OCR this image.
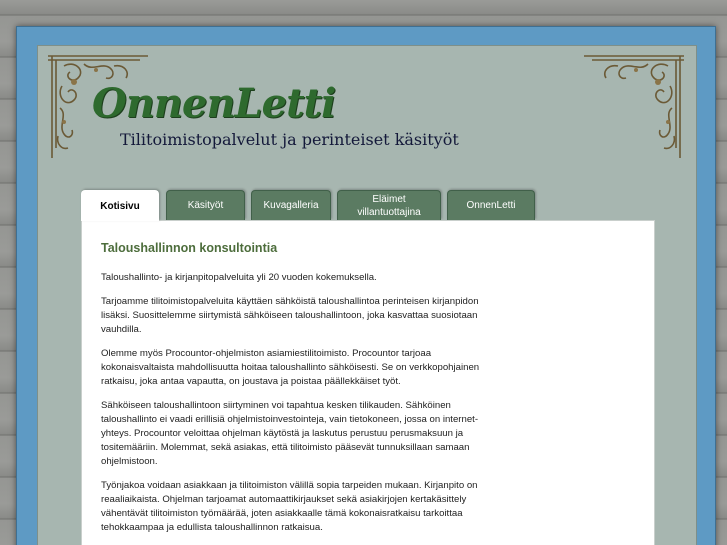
OnnenLetti
Tilitoimistopalvelut ja perinteiset käsityöt
Kotisivu	Käsityöt	Kuvagalleria
Eläimet villantuottajina
OnnenLetti
Taloushallinnon konsultointia

Taloushallinto- ja kirjanpitopalveluita yli 20 vuoden kokemuksella.

Tarjoamme tilitoimistopalveluita käyttäen sähköistä taloushallintoa perinteisen kirjanpidon lisäksi. Suosittelemme siirtymistä sähköiseen taloushallintoon, joka kasvattaa suosiotaan vauhdilla.

Olemme myös Procountor-ohjelmiston asiamiestilitoimisto. Procountor tarjoaa kokonaisvaltaista mahdollisuutta hoitaa taloushallinto sähköisesti. Se on verkkopohjainen ratkaisu, joka antaa vapautta, on joustava ja poistaa päällekkäiset työt.

Sähköiseen taloushallintoon siirtyminen voi tapahtua kesken tilikauden. Sähköinen taloushallinto ei vaadi erillisiä ohjelmistoinvestointeja, vain tietokoneen, jossa on internet-yhteys. Procountor veloittaa ohjelman käytöstä ja laskutus perustuu perusmaksuun ja tositemääriin. Molemmat, sekä asiakas, että tilitoimisto pääsevät tunnuksillaan samaan ohjelmistoon.

Työnjakoa voidaan asiakkaan ja tilitoimiston välillä sopia tarpeiden mukaan. Kirjanpito on reaaliaikaista. Ohjelman tarjoamat automaattikirjaukset sekä asiakirjojen kertakäsittely vähentävät tilitoimiston työmäärää, joten asiakkaalle tämä kokonaisratkaisu tarkoittaa tehokkaampaa ja edullista taloushallinnon ratkaisua.
